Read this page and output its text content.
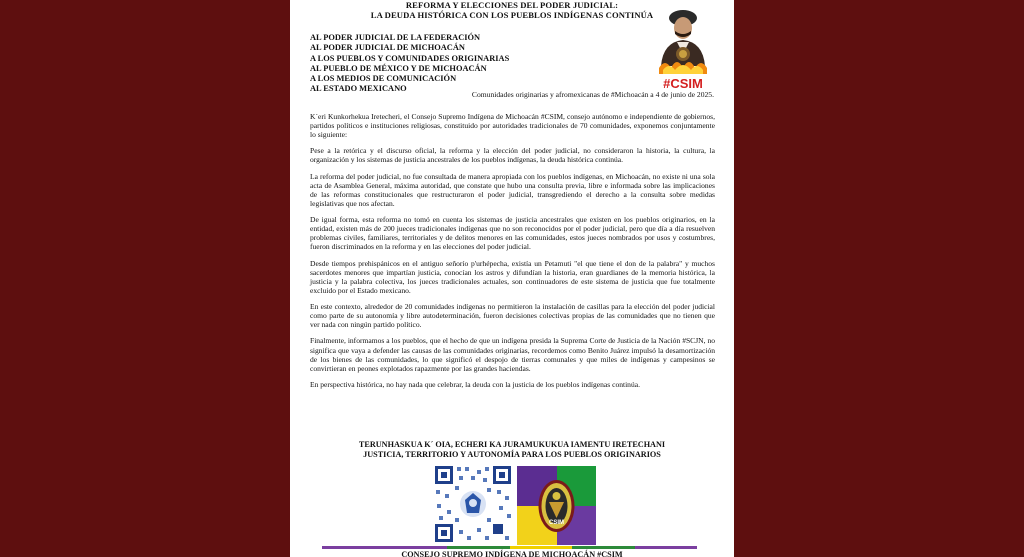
REFORMA Y ELECCIONES DEL PODER JUDICIAL:
LA DEUDA HISTÓRICA CON LOS PUEBLOS INDÍGENAS CONTINÚA
AL PODER JUDICIAL DE LA FEDERACIÓN
AL PODER JUDICIAL DE MICHOACÁN
A LOS PUEBLOS Y COMUNIDADES ORIGINARIAS
AL PUEBLO DE MÉXICO Y DE MICHOACÁN
A LOS MEDIOS DE COMUNICACIÓN
AL ESTADO MEXICANO	#CSIM
Comunidades originarias y afromexicanas de #Michoacán a 4 de junio de 2025.

K´eri Kunkorhekua Iretecheri, el Consejo Supremo Indígena de Michoacán #CSIM, consejo autónomo e independiente de gobiernos, partidos políticos e instituciones religiosas, constituido por autoridades tradicionales de 70 comunidades, exponemos conjuntamente lo siguiente:

Pese a la retórica y el discurso oficial, la reforma y la elección del poder judicial, no consideraron la historia, la cultura, la organización y los sistemas de justicia ancestrales de los pueblos indígenas, la deuda histórica continúa.

La reforma del poder judicial, no fue consultada de manera apropiada con los pueblos indígenas, en Michoacán, no existe ni una sola acta de Asamblea General, máxima autoridad, que constate que hubo una consulta previa, libre e informada sobre las implicaciones de las reformas constitucionales que restructuraron el poder judicial, transgrediendo el derecho a la consulta sobre medidas legislativas que nos afectan.

De igual forma, esta reforma no tomó en cuenta los sistemas de justicia ancestrales que existen en los pueblos originarios, en la entidad, existen más de 200 jueces tradicionales indígenas que no son reconocidos por el poder judicial, pero que día a día resuelven problemas civiles, familiares, territoriales y de delitos menores en las comunidades, estos jueces nombrados por usos y costumbres, fueron discriminados en la reforma y en las elecciones del poder judicial.

Desde tiempos prehispánicos en el antiguo señorío p'urhépecha, existía un Petamuti "el que tiene el don de la palabra" y muchos sacerdotes menores que impartían justicia, conocían los astros y difundían la historia, eran guardianes de la memoria histórica, la justicia y la palabra colectiva, los jueces tradicionales actuales, son continuadores de este sistema de justicia que fue totalmente excluido por el Estado mexicano.

En este contexto, alrededor de 20 comunidades indígenas no permitieron la instalación de casillas para la elección del poder judicial como parte de su autonomía y libre autodeterminación, fueron decisiones colectivas propias de las comunidades que no tienen que ver nada con ningún partido político.

Finalmente, informamos a los pueblos, que el hecho de que un indígena presida la Suprema Corte de Justicia de la Nación #SCJN, no significa que vaya a defender las causas de las comunidades originarias, recordemos como Benito Juárez impulsó la desamortización de los bienes de las comunidades, lo que significó el despojo de tierras comunales y que miles de indígenas y campesinos se convirtieran en peones explotados rapazmente por las grandes haciendas.

En perspectiva histórica, no hay nada que celebrar, la deuda con la justicia de los pueblos indígenas continúa.

TERUNHASKUA K´ OIA, ECHERI KA JURAMUKUKUA IAMENTU IRETECHANI
JUSTICIA, TERRITORIO Y AUTONOMÍA PARA LOS PUEBLOS ORIGINARIOS
CSIM
CONSEJO SUPREMO INDÍGENA DE MICHOACÁN #CSIM
